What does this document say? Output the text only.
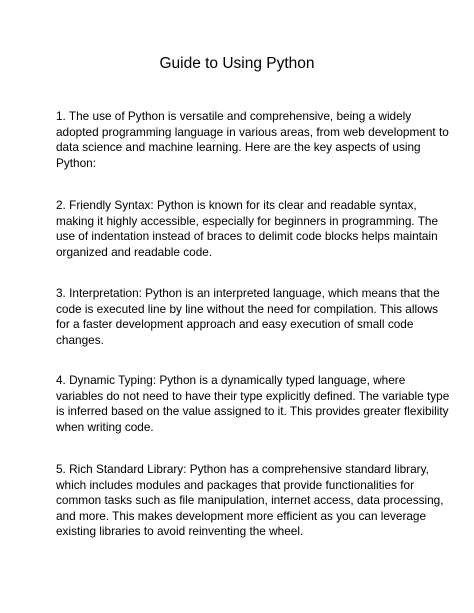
Guide to Using Python

1. The use of Python is versatile and comprehensive, being a widely
adopted programming language in various areas, from web development to
data science and machine learning. Here are the key aspects of using
Python:

2. Friendly Syntax: Python is known for its clear and readable syntax,
making it highly accessible, especially for beginners in programming. The
use of indentation instead of braces to delimit code blocks helps maintain
organized and readable code.

3. Interpretation: Python is an interpreted language, which means that the
code is executed line by line without the need for compilation. This allows
for a faster development approach and easy execution of small code
changes.

4. Dynamic Typing: Python is a dynamically typed language, where
variables do not need to have their type explicitly defined. The variable type
is inferred based on the value assigned to it. This provides greater flexibility
when writing code.

5. Rich Standard Library: Python has a comprehensive standard library,
which includes modules and packages that provide functionalities for
common tasks such as file manipulation, internet access, data processing,
and more. This makes development more efficient as you can leverage
existing libraries to avoid reinventing the wheel.
